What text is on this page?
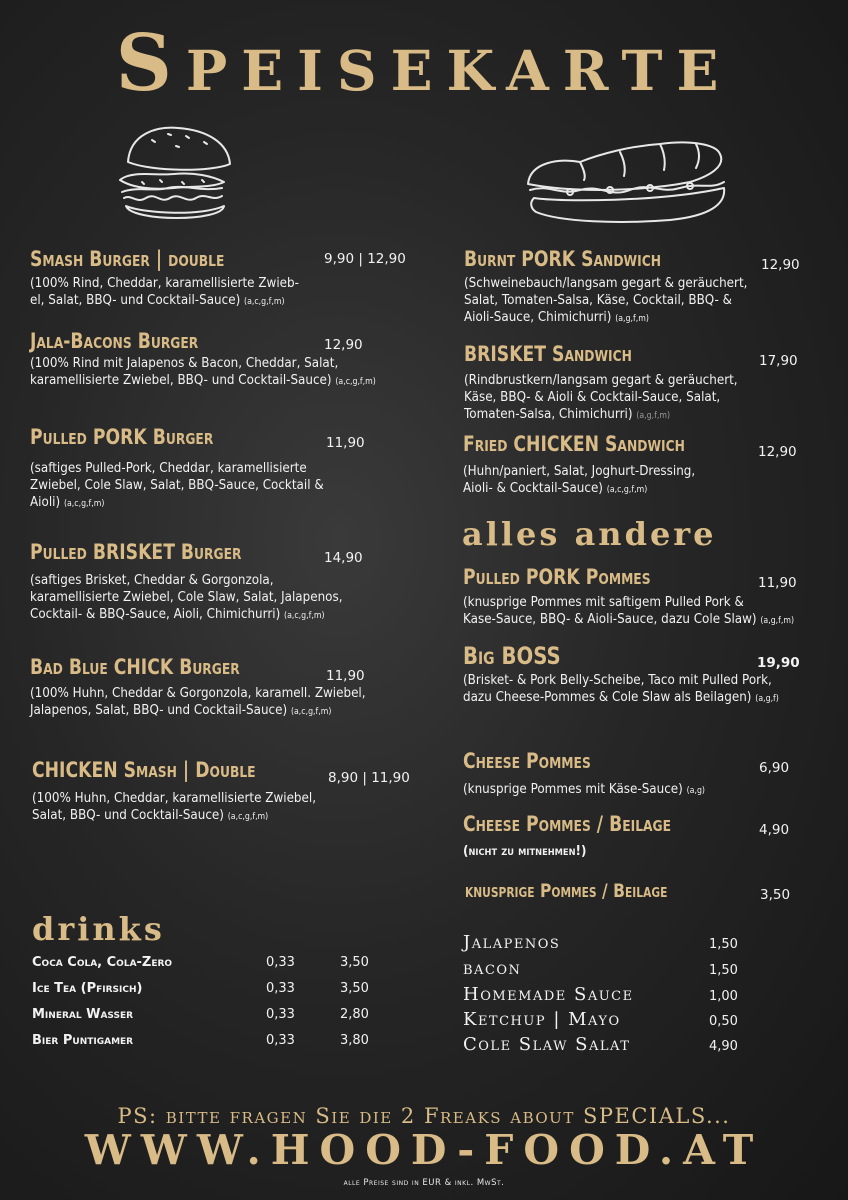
Speisekarte
Smash Burger | double	9,90 | 12,90
(100% Rind, Cheddar, karamellisierte Zwieb-
el, Salat, BBQ- und Cocktail-Sauce) (a,c,g,f,m)
Jala-Bacons Burger	12,90
(100% Rind mit Jalapenos & Bacon, Cheddar, Salat,
karamellisierte Zwiebel, BBQ- und Cocktail-Sauce) (a,c,g,f,m)
Pulled PORK Burger	11,90
(saftiges Pulled-Pork, Cheddar, karamellisierte
Zwiebel, Cole Slaw, Salat, BBQ-Sauce, Cocktail &
Aioli) (a,c,g,f,m)
Pulled BRISKET Burger	14,90
(saftiges Brisket, Cheddar & Gorgonzola,
karamellisierte Zwiebel, Cole Slaw, Salat, Jalapenos,
Cocktail- & BBQ-Sauce, Aioli, Chimichurri) (a,c,g,f,m)
Bad Blue CHICK Burger	11,90
(100% Huhn, Cheddar & Gorgonzola, karamell. Zwiebel,
Jalapenos, Salat, BBQ- und Cocktail-Sauce) (a,c,g,f,m)
CHICKEN Smash | Double	8,90 | 11,90
(100% Huhn, Cheddar, karamellisierte Zwiebel,
Salat, BBQ- und Cocktail-Sauce) (a,c,g,f,m)
Burnt PORK Sandwich	12,90
(Schweinebauch/langsam gegart & geräuchert,
Salat, Tomaten-Salsa, Käse, Cocktail, BBQ- &
Aioli-Sauce, Chimichurri) (a,g,f,m)
BRISKET Sandwich	17,90
(Rindbrustkern/langsam gegart & geräuchert,
Käse, BBQ- & Aioli & Cocktail-Sauce, Salat,
Tomaten-Salsa, Chimichurri) (a,g,f,m)
Fried CHICKEN Sandwich	12,90
(Huhn/paniert, Salat, Joghurt-Dressing,
Aioli- & Cocktail-Sauce) (a,c,g,f,m)
alles andere
Pulled PORK Pommes	11,90
(knusprige Pommes mit saftigem Pulled Pork &
Kase-Sauce, BBQ- & Aioli-Sauce, dazu Cole Slaw) (a,g,f,m)
Big BOSS	19,90
(Brisket- & Pork Belly-Scheibe, Taco mit Pulled Pork,
dazu Cheese-Pommes & Cole Slaw als Beilagen) (a,g,f)
Cheese Pommes	6,90
(knusprige Pommes mit Käse-Sauce) (a,g)
Cheese Pommes / Beilage	4,90
(nicht zu mitnehmen!)
knusprige Pommes / Beilage	3,50
drinks
Coca Cola, Cola-Zero	0,33	3,50
Ice Tea (Pfirsich)	0,33	3,50
Mineral Wasser	0,33	2,80
Bier Puntigamer	0,33	3,80
Jalapenos	1,50
bacon	1,50
Homemade Sauce	1,00
Ketchup | Mayo	0,50
Cole Slaw Salat	4,90
PS: bitte fragen Sie die 2 Freaks about SPECIALS...
WWW.HOOD-FOOD.AT
alle Preise sind in EUR & inkl. MwSt.
